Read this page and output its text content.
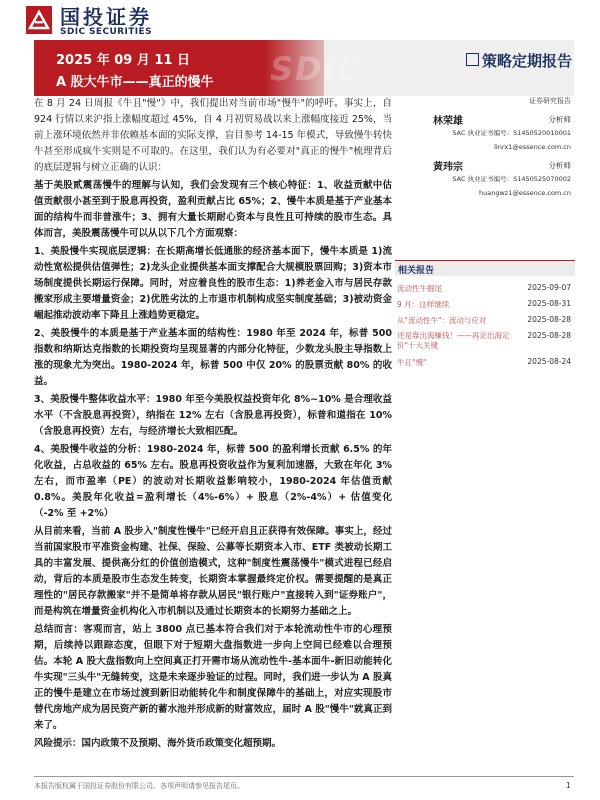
国投证券
SDIC SECURITIES
SDIC
2025 年 09 月 11 日
A 股大牛市——真正的慢牛
策略定期报告

在 8 月 24 日周报《牛且"慢"》中，我们提出对当前市场"慢牛"的呼吁。事实上，自 924 行情以来沪指上涨幅度超过 45%，自 4 月初贸易战以来上涨幅度接近 25%，当前上涨环境依然并非依赖基本面的实际支撑，盲目参考 14-15 年模式，导致慢牛转快牛甚至形成疯牛实则是不可取的。在这里，我们认为有必要对"真正的慢牛"梳理背后的底层逻辑与树立正确的认识：

基于美股贰震荡慢牛的理解与认知，我们会发现有三个核心特征：1、收益贡献中估值贡献很小甚至到于股息再投资，盈利贡献占比 65%；2、慢牛本质是基于产业基本面的结构牛而非普涨牛；3、拥有大量长期耐心资本与良性且可持续的股市生态。具体而言，美股震荡慢牛可以从以下几个方面观察：

1、美股慢牛实现底层逻辑：在长期高增长低通胀的经济基本面下，慢牛本质是 1)流动性宽松提供估值弹性；2)龙头企业提供基本面支撑配合大规模股票回购；3)资本市场制度提供长期运行保障。同时，对应着良性的股市生态：1)养老金入市与居民存款搬家形成主要增量资金；2)优胜劣汰的上市退市机制构成坚实制度基础；3)被动资金崛起推动波动率下降且上涨趋势更稳定。

2、美股慢牛的本质是基于产业基本面的结构性：1980 年至 2024 年，标普 500 指数和纳斯达克指数的长期投资均呈现显著的内部分化特征，少数龙头股主导指数上涨的现象尤为突出。1980-2024 年，标普 500 中仅 20% 的股票贡献 80% 的收益。

3、美股慢牛整体收益水平：1980 年至今美股权益投资年化 8%~10% 是合理收益水平（不含股息再投资），纳指在 12% 左右（含股息再投资），标普和道指在 10%（含股息再投资）左右，与经济增长大致相匹配。

4、美股慢牛收益的分析：1980-2024 年，标普 500 的盈利增长贡献 6.5% 的年化收益，占总收益的 65% 左右。股息再投资收益作为复利加速器，大致在年化 3% 左右，而市盈率（PE）的波动对长期收益影响较小，1980-2024 年估值贡献 0.8%。美股年化收益=盈利增长（4%-6%）+ 股息（2%-4%）+ 估值变化（-2% 至 +2%）

从目前来看，当前 A 股步入"制度性慢牛"已经开启且正获得有效保障。事实上，经过当前国家股市平准资金构建、社保、保险、公募等长期资本入市、ETF 类被动长期工具的丰富发展、提供高分红的价值创造模式，这种"制度性震荡慢牛"模式进程已经启动，背后的本质是股市生态发生转变，长期资本掌握最终定价权。需要提醒的是真正理性的"居民存款搬家"并不是简单将存款从居民"银行账户"直接转入到"证券账户"，而是构筑在增量资金机构化入市机制以及通过长期资本的长期努力基础之上。

总结而言：客观而言，站上 3800 点已基本符合我们对于本轮流动性牛市的心理预期，后续持以跟踪态度，但眼下对于短期大盘指数进一步向上空间已经难以合理预估。本轮 A 股大盘指数向上空间真正打开需市场从流动性牛-基本面牛-新旧动能转化牛实现"三头牛"无缝转变，这是未来逐步验证的过程。同时，我们进一步认为 A 股真正的慢牛是建立在市场过渡到新旧动能转化牛和制度保障牛的基础上，对应实现股市替代房地产成为居民资产新的蓄水池并形成新的财富效应，届时 A 股"慢牛"就真正到来了。

风险提示：国内政策不及预期、海外货币政策变化超预期。

证券研究报告
林荣雄	分析师
SAC 执业证书编号：S1450520010001
linrx1@essence.com.cn
黄玮宗	分析师
SAC 执业证书编号：S1450525070002
huangwz1@essence.com.cn
相关报告
流动性牛掘尾	2025-09-07
9 月：这样继续	2025-08-31
从"流动性牛"：流动与应对	2025-08-28
还是靠出海赚钱！——再论出海定价"十大关键
2025-08-28
牛且"慢"	2025-08-24
本报告版权属于国投证券股份有限公司。各项声明请参见报告尾页。	1
